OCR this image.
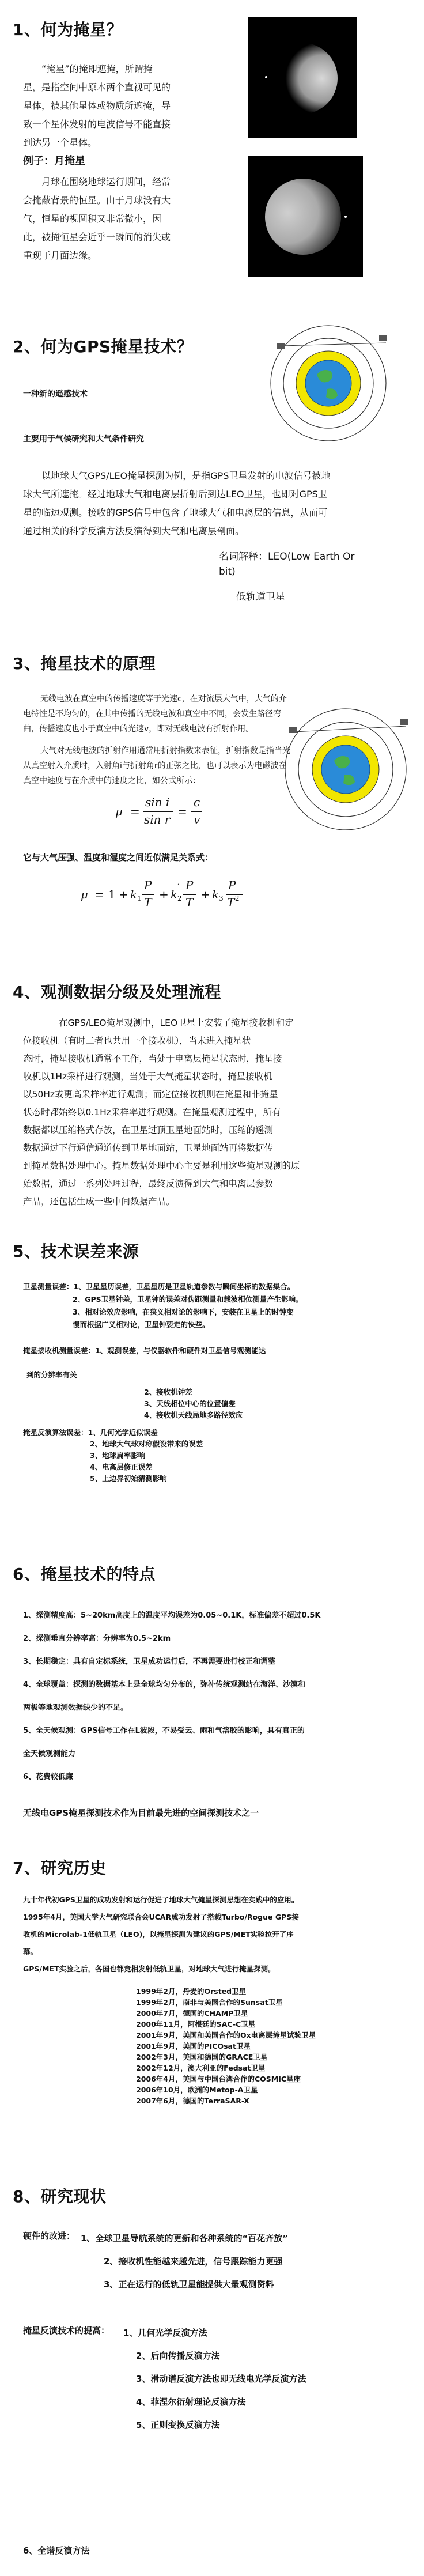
1、何为掩星？
“掩星”的掩即遮掩，所谓掩
星，是指空间中原本两个直视可见的
星体，被其他星体或物质所遮掩，导
致一个星体发射的电波信号不能直接
到达另一个星体。
例子：月掩星
月球在围绕地球运行期间，经常
会掩蔽背景的恒星。由于月球没有大
气，恒星的视圆积又非常微小，因
此，被掩恒星会近乎一瞬间的消失或
重现于月面边缘。
2、何为GPS掩星技术？
一种新的遥感技术
主要用于气候研究和大气条件研究
以地球大气GPS/LEO掩星探测为例，是指GPS卫星发射的电波信号被地
球大气所遮掩。经过地球大气和电离层折射后到达LEO卫星，也即对GPS卫
星的临边观测。接收的GPS信号中包含了地球大气和电离层的信息，从而可
通过相关的科学反演方法反演得到大气和电离层剖面。
名词解释：LEO(Low Earth Or
bit)
低轨道卫星
3、掩星技术的原理
无线电波在真空中的传播速度等于光速c，在对流层大气中，大气的介
电特性是不均匀的，在其中传播的无线电波和真空中不同，会发生路径弯
曲，传播速度也小于真空中的光速v，即对无线电波有折射作用。
大气对无线电波的折射作用通常用折射指数来表征，折射指数是指当光
从真空射入介质时，入射角i与折射角r的正弦之比，也可以表示为电磁波在
真空中速度与在介质中的速度之比，如公式所示：
μ =
sin i
sin r
=
c
v
它与大气压强、温度和湿度之间近似满足关系式：
μ = 1 + k 1
P
T
+ k ′
2
P
T
+ k 3
P
T 2
4、观测数据分级及处理流程
在GPS/LEO掩星观测中，LEO卫星上安装了掩星接收机和定
位接收机（有时二者也共用一个接收机），当未进入掩星状
态时，掩星接收机通常不工作，当处于电离层掩星状态时，掩星接
收机以1Hz采样进行观测，当处于大气掩星状态时，掩星接收机
以50Hz或更高采样率进行观测；而定位接收机则在掩星和非掩星
状态时都始终以0.1Hz采样率进行观测。在掩星观测过程中，所有
数据都以压缩格式存放，在卫星过顶卫星地面站时，压缩的遥测
数据通过下行通信通道传到卫星地面站，卫星地面站再将数据传
到掩星数据处理中心。掩星数据处理中心主要是利用这些掩星观测的原
始数据，通过一系列处理过程，最终反演得到大气和电离层参数
产品，还包括生成一些中间数据产品。
5、技术误差来源
卫星测量误差：1、卫星星历误差，卫星星历是卫星轨道参数与瞬间坐标的数据集合。
2、GPS卫星钟差，卫星钟的误差对伪距测量和载波相位测量产生影响。
3、相对论效应影响，在狭义相对论的影响下，安装在卫星上的时钟变
慢而根据广义相对论，卫星钟要走的快些。
掩星接收机测量误差：1、观测误差，与仪器软件和硬件对卫星信号观测能达
到的分辨率有关
2、接收机钟差
3、天线相位中心的位置偏差
4、接收机天线局地多路径效应
掩星反演算法误差：1、几何光学近似误差
2、地球大气球对称假设带来的误差
3、地球扁率影响
4、电离层修正误差
5、上边界初始猜测影响
6、掩星技术的特点
1、探测精度高：5~20km高度上的温度平均误差为0.05~0.1K，标准偏差不超过0.5K
2、探测垂直分辨率高：分辨率为0.5~2km
3、长期稳定：具有自定标系统，卫星成功运行后，不再需要进行校正和调整
4、全球覆盖：探测的数据基本上是全球均匀分布的，弥补传统观测站在海洋、沙漠和
两极等地观测数据缺少的不足。
5、全天候观测：GPS信号工作在L波段，不易受云、雨和气溶胶的影响，具有真正的
全天候观测能力
6、花费较低廉
无线电GPS掩星探测技术作为目前最先进的空间探测技术之一
7、研究历史
九十年代初GPS卫星的成功发射和运行促进了地球大气掩星探测思想在实践中的应用。
1995年4月，美国大学大气研究联合会UCAR成功发射了搭载Turbo/Rogue GPS接
收机的Microlab-1低轨卫星（LEO)，以掩星探测为建议的GPS/MET实验拉开了序
幕。
GPS/MET实验之后，各国也都竞相发射低轨卫星，对地球大气进行掩星探测。
1999年2月，丹麦的Orsted卫星
1999年2月，南非与美国合作的Sunsat卫星
2000年7月，德国的CHAMP卫星
2000年11月，阿根廷的SAC-C卫星
2001年9月，美国和美国合作的Ox电离层掩星试验卫星
2001年9月，美国的PICOsat卫星
2002年3月，美国和德国的GRACE卫星
2002年12月，澳大利亚的Fedsat卫星
2006年4月，美国与中国台湾合作的COSMIC星座
2006年10月，欧洲的Metop-A卫星
2007年6月，德国的TerraSAR-X
8、研究现状
硬件的改进： 1、全球卫星导航系统的更新和各种系统的“百花齐放”
2、接收机性能越来越先进，信号跟踪能力更强
3、正在运行的低轨卫星能提供大量观测资料
掩星反演技术的提高： 1、几何光学反演方法
2、后向传播反演方法
3、滑动谱反演方法也即无线电光学反演方法
4、菲涅尔衍射理论反演方法
5、正则变换反演方法
6、全谱反演方法
